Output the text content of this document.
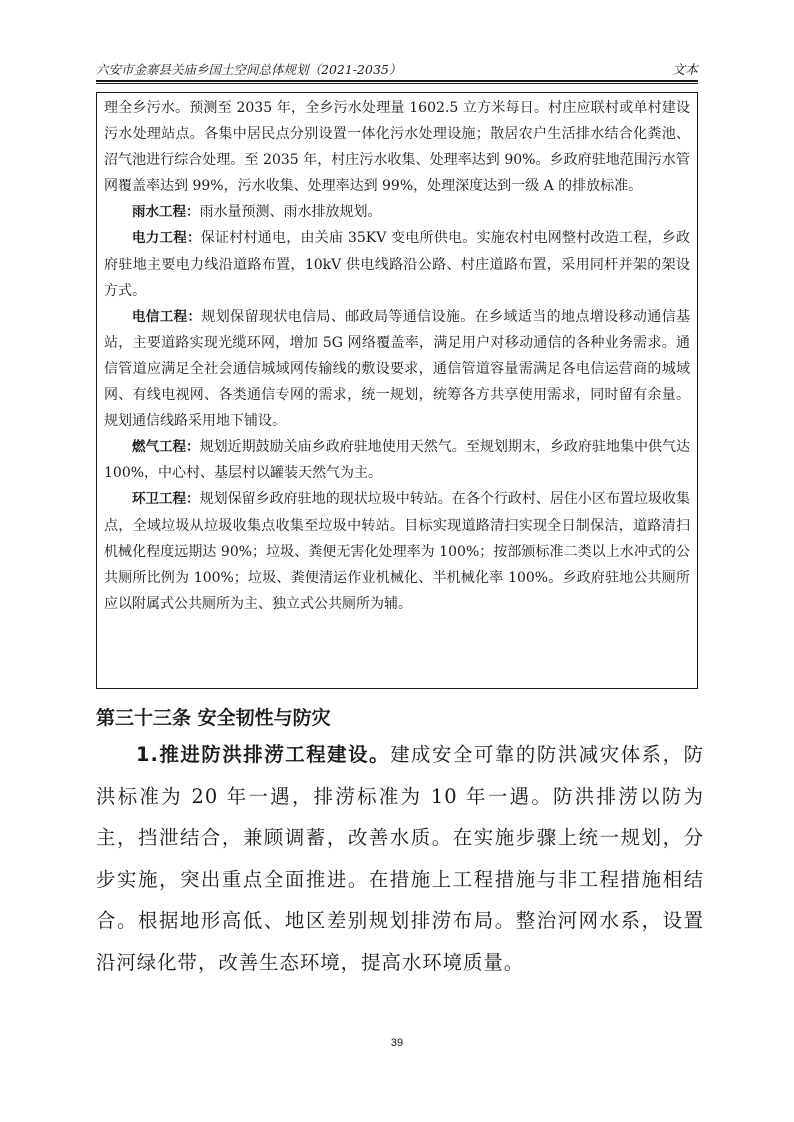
六安市金寨县关庙乡国土空间总体规划（2021-2035）	文本

理全乡污水。预测至 2035 年，全乡污水处理量 1602.5 立方米每日。村庄应联村或单村建设污水处理站点。各集中居民点分别设置一体化污水处理设施；散居农户生活排水结合化粪池、沼气池进行综合处理。至 2035 年，村庄污水收集、处理率达到 90%。乡政府驻地范围污水管网覆盖率达到 99%，污水收集、处理率达到 99%，处理深度达到一级 A 的排放标准。

雨水工程：雨水量预测、雨水排放规划。

电力工程：保证村村通电，由关庙 35KV 变电所供电。实施农村电网整村改造工程，乡政府驻地主要电力线沿道路布置，10kV 供电线路沿公路、村庄道路布置，采用同杆并架的架设方式。

电信工程：规划保留现状电信局、邮政局等通信设施。在乡域适当的地点增设移动通信基站，主要道路实现光缆环网，增加 5G 网络覆盖率，满足用户对移动通信的各种业务需求。通信管道应满足全社会通信城域网传输线的敷设要求，通信管道容量需满足各电信运营商的城域网、有线电视网、各类通信专网的需求，统一规划，统筹各方共享使用需求，同时留有余量。规划通信线路采用地下铺设。

燃气工程：规划近期鼓励关庙乡政府驻地使用天然气。至规划期末，乡政府驻地集中供气达 100%，中心村、基层村以罐装天然气为主。

环卫工程：规划保留乡政府驻地的现状垃圾中转站。在各个行政村、居住小区布置垃圾收集点，全域垃圾从垃圾收集点收集至垃圾中转站。目标实现道路清扫实现全日制保洁，道路清扫机械化程度远期达 90%；垃圾、粪便无害化处理率为 100%；按部颁标准二类以上水冲式的公共厕所比例为 100%；垃圾、粪便清运作业机械化、半机械化率 100%。乡政府驻地公共厕所应以附属式公共厕所为主、独立式公共厕所为辅。

第三十三条 安全韧性与防灾

1.推进防洪排涝工程建设。建成安全可靠的防洪减灾体系，防洪标准为 20 年一遇，排涝标准为 10 年一遇。防洪排涝以防为主，挡泄结合，兼顾调蓄，改善水质。在实施步骤上统一规划，分步实施，突出重点全面推进。在措施上工程措施与非工程措施相结合。根据地形高低、地区差别规划排涝布局。整治河网水系，设置沿河绿化带，改善生态环境，提高水环境质量。

39
